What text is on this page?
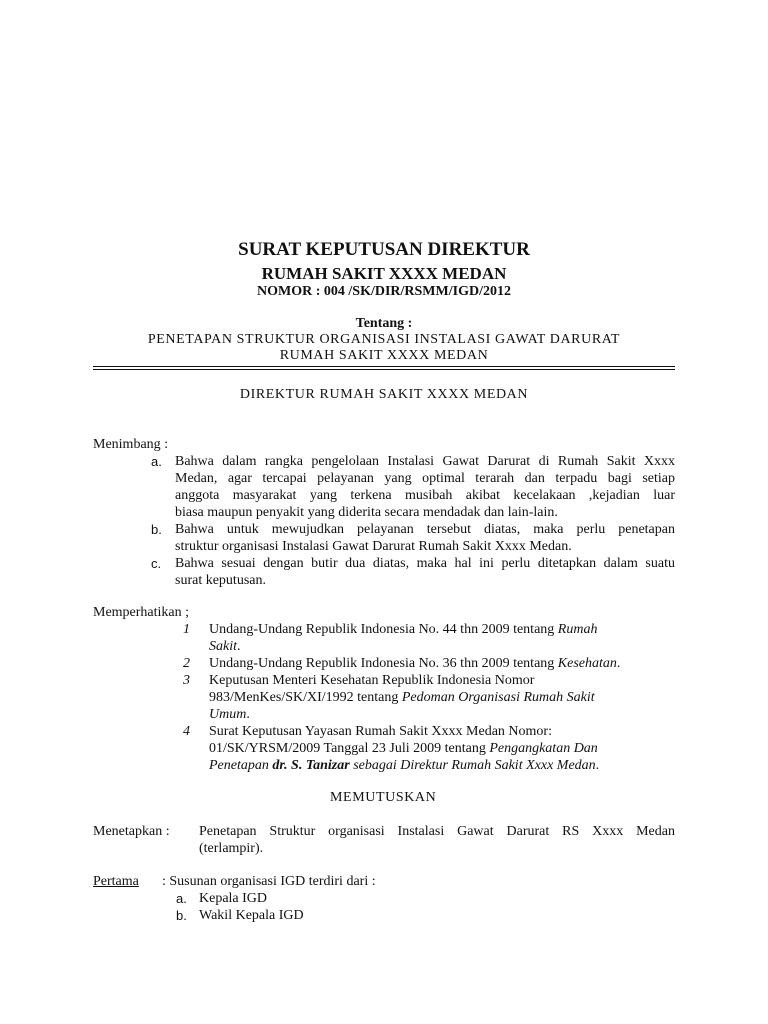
SURAT KEPUTUSAN DIREKTUR
RUMAH SAKIT XXXX MEDAN
NOMOR : 004 /SK/DIR/RSMM/IGD/2012
Tentang :
PENETAPAN STRUKTUR ORGANISASI INSTALASI GAWAT DARURAT
RUMAH SAKIT XXXX MEDAN
DIREKTUR RUMAH SAKIT XXXX MEDAN
Menimbang :
a. Bahwa dalam rangka pengelolaan Instalasi Gawat Darurat di Rumah Sakit Xxxx
Medan, agar tercapai pelayanan yang optimal terarah dan terpadu bagi setiap
anggota masyarakat yang terkena musibah akibat kecelakaan ,kejadian luar
biasa maupun penyakit yang diderita secara mendadak dan lain-lain.
b. Bahwa untuk mewujudkan pelayanan tersebut diatas, maka perlu penetapan
struktur organisasi Instalasi Gawat Darurat Rumah Sakit Xxxx Medan.
c. Bahwa sesuai dengan butir dua diatas, maka hal ini perlu ditetapkan dalam suatu
surat keputusan.
Memperhatikan ;
1 Undang-Undang Republik Indonesia No. 44 thn 2009 tentang Rumah
Sakit.
2 Undang-Undang Republik Indonesia No. 36 thn 2009 tentang Kesehatan.
3 Keputusan Menteri Kesehatan Republik Indonesia Nomor
983/MenKes/SK/XI/1992 tentang Pedoman Organisasi Rumah Sakit
Umum.
4 Surat Keputusan Yayasan Rumah Sakit Xxxx Medan Nomor:
01/SK/YRSM/2009 Tanggal 23 Juli 2009 tentang Pengangkatan Dan
Penetapan dr. S. Tanizar sebagai Direktur Rumah Sakit Xxxx Medan.
MEMUTUSKAN
Menetapkan : Penetapan Struktur organisasi Instalasi Gawat Darurat RS Xxxx Medan
(terlampir).
Pertama : Susunan organisasi IGD terdiri dari :
a. Kepala IGD
b. Wakil Kepala IGD
